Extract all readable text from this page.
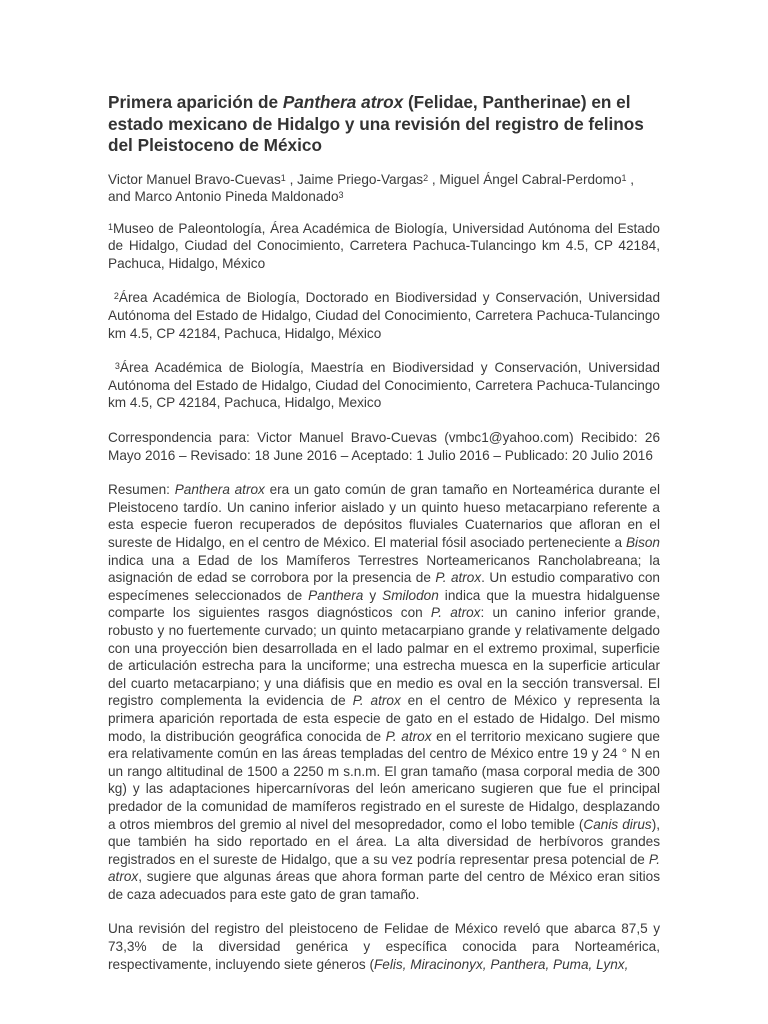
Primera aparición de Panthera atrox (Felidae, Pantherinae) en el estado mexicano de Hidalgo y una revisión del registro de felinos del Pleistoceno de México

Victor Manuel Bravo-Cuevas$^1$ , Jaime Priego-Vargas$^2$ , Miguel Ángel Cabral-Perdomo$^1$ , and Marco Antonio Pineda Maldonado$^3$

$^1$Museo de Paleontología, Área Académica de Biología, Universidad Autónoma del Estado de Hidalgo, Ciudad del Conocimiento, Carretera Pachuca-Tulancingo km 4.5, CP 42184, Pachuca, Hidalgo, México

$^2$Área Académica de Biología, Doctorado en Biodiversidad y Conservación, Universidad Autónoma del Estado de Hidalgo, Ciudad del Conocimiento, Carretera Pachuca-Tulancingo km 4.5, CP 42184, Pachuca, Hidalgo, México

$^3$Área Académica de Biología, Maestría en Biodiversidad y Conservación, Universidad Autónoma del Estado de Hidalgo, Ciudad del Conocimiento, Carretera Pachuca-Tulancingo km 4.5, CP 42184, Pachuca, Hidalgo, Mexico

Correspondencia para: Victor Manuel Bravo-Cuevas (vmbc1@yahoo.com) Recibido: 26 Mayo 2016 – Revisado: 18 June 2016 – Aceptado: 1 Julio 2016 – Publicado: 20 Julio 2016

Resumen: Panthera atrox era un gato común de gran tamaño en Norteamérica durante el Pleistoceno tardío. Un canino inferior aislado y un quinto hueso metacarpiano referente a esta especie fueron recuperados de depósitos fluviales Cuaternarios que afloran en el sureste de Hidalgo, en el centro de México. El material fósil asociado perteneciente a Bison indica una a Edad de los Mamíferos Terrestres Norteamericanos Rancholabreana; la asignación de edad se corrobora por la presencia de P. atrox. Un estudio comparativo con especímenes seleccionados de Panthera y Smilodon indica que la muestra hidalguense comparte los siguientes rasgos diagnósticos con P. atrox: un canino inferior grande, robusto y no fuertemente curvado; un quinto metacarpiano grande y relativamente delgado con una proyección bien desarrollada en el lado palmar en el extremo proximal, superficie de articulación estrecha para la unciforme; una estrecha muesca en la superficie articular del cuarto metacarpiano; y una diáfisis que en medio es oval en la sección transversal. El registro complementa la evidencia de P. atrox en el centro de México y representa la primera aparición reportada de esta especie de gato en el estado de Hidalgo. Del mismo modo, la distribución geográfica conocida de P. atrox en el territorio mexicano sugiere que era relativamente común en las áreas templadas del centro de México entre 19 y 24 ° N en un rango altitudinal de 1500 a 2250 m s.n.m. El gran tamaño (masa corporal media de 300 kg) y las adaptaciones hipercarnívoras del león americano sugieren que fue el principal predador de la comunidad de mamíferos registrado en el sureste de Hidalgo, desplazando a otros miembros del gremio al nivel del mesopredador, como el lobo temible (Canis dirus), que también ha sido reportado en el área. La alta diversidad de herbívoros grandes registrados en el sureste de Hidalgo, que a su vez podría representar presa potencial de P. atrox, sugiere que algunas áreas que ahora forman parte del centro de México eran sitios de caza adecuados para este gato de gran tamaño.

Una revisión del registro del pleistoceno de Felidae de México reveló que abarca 87,5 y 73,3% de la diversidad genérica y específica conocida para Norteamérica, respectivamente, incluyendo siete géneros (Felis, Miracinonyx, Panthera, Puma, Lynx,
